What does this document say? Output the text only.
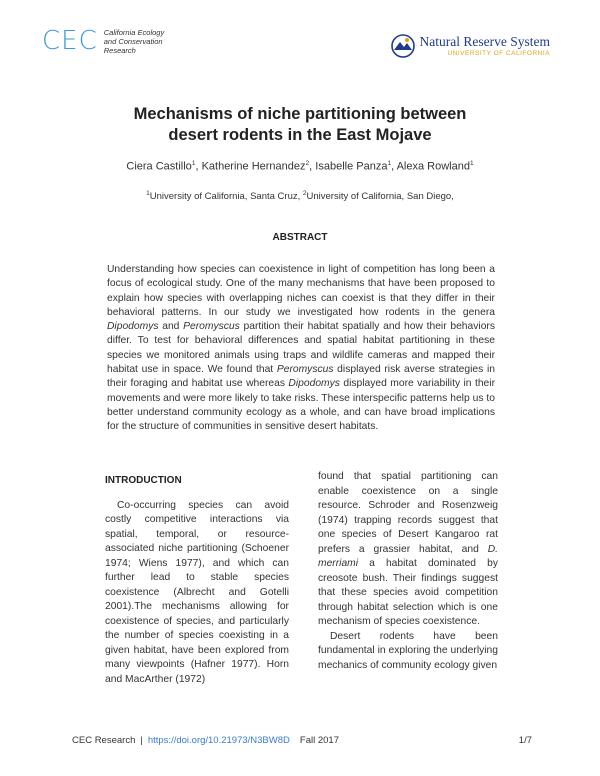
CEC California Ecology
and Conservation
Research
Natural Reserve System
UNIVERSITY OF CALIFORNIA
Mechanisms of niche partitioning between
desert rodents in the East Mojave
Ciera Castillo$^1$, Katherine Hernandez$^2$, Isabelle Panza$^1$, Alexa Rowland$^1$
$^1$University of California, Santa Cruz, $^2$University of California, San Diego,
ABSTRACT

Understanding how species can coexistence in light of competition has long been a focus of ecological study. One of the many mechanisms that have been proposed to explain how species with overlapping niches can coexist is that they differ in their behavioral patterns. In our study we investigated how rodents in the genera Dipodomys and Peromyscus partition their habitat spatially and how their behaviors differ. To test for behavioral differences and spatial habitat partitioning in these species we monitored animals using traps and wildlife cameras and mapped their habitat use in space. We found that Peromyscus displayed risk averse strategies in their foraging and habitat use whereas Dipodomys displayed more variability in their movements and were more likely to take risks. These interspecific patterns help us to better understand community ecology as a whole, and can have broad implications for the structure of communities in sensitive desert habitats.

INTRODUCTION

Co-occurring species can avoid costly competitive interactions via spatial, temporal, or resource-associated niche partitioning (Schoener 1974; Wiens 1977), and which can further lead to stable species coexistence (Albrecht and Gotelli 2001).The mechanisms allowing for coexistence of species, and particularly the number of species coexisting in a given habitat, have been explored from many viewpoints (Hafner 1977). Horn and MacArther (1972)

found that spatial partitioning can enable coexistence on a single resource. Schroder and Rosenzweig (1974) trapping records suggest that one species of Desert Kangaroo rat prefers a grassier habitat, and D. merriami a habitat dominated by creosote bush. Their findings suggest that these species avoid competition through habitat selection which is one mechanism of species coexistence.

Desert rodents have been fundamental in exploring the underlying mechanics of community ecology given

CEC Research | https://doi.org/10.21973/N3BW8D Fall 2017	1/7
